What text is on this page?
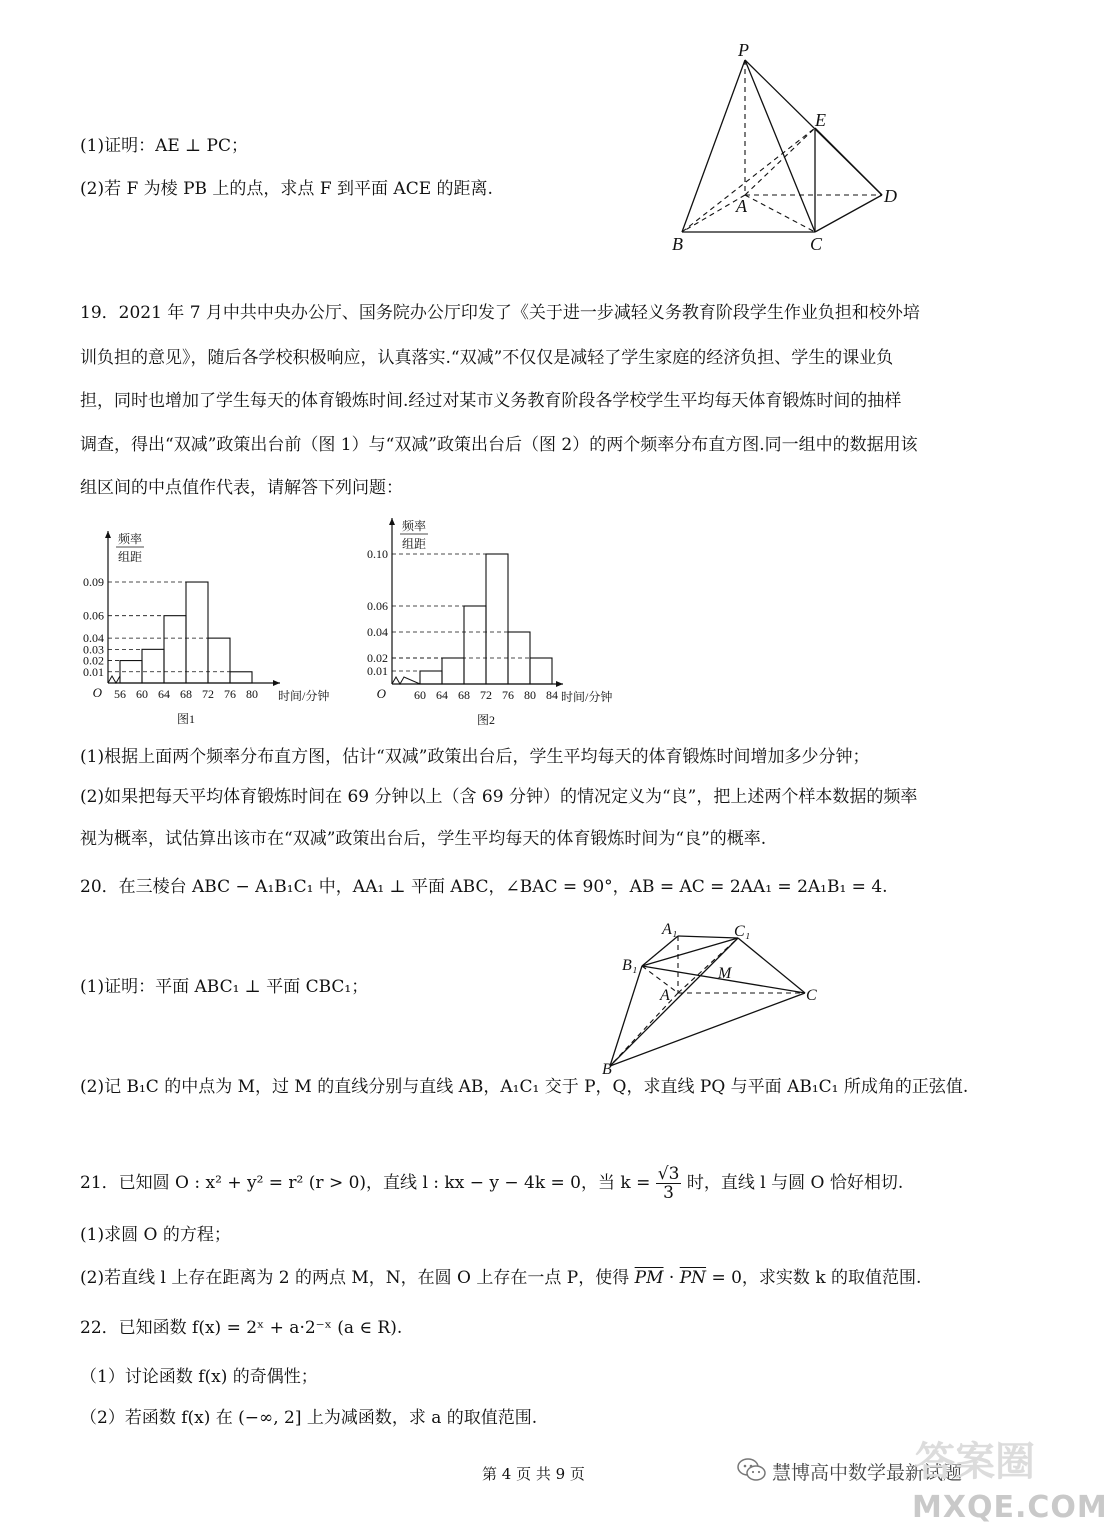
(1)证明：AE ⊥ PC；
(2)若 F 为棱 PB 上的点，求点 F 到平面 ACE 的距离.
P
E
A	D
B	C
19．2021 年 7 月中共中央办公厅、国务院办公厅印发了《关于进一步减轻义务教育阶段学生作业负担和校外培
训负担的意见》，随后各学校积极响应，认真落实.“双减”不仅仅是减轻了学生家庭的经济负担、学生的课业负
担，同时也增加了学生每天的体育锻炼时间.经过对某市义务教育阶段各学校学生平均每天体育锻炼时间的抽样
调查，得出“双减”政策出台前（图 1）与“双减”政策出台后（图 2）的两个频率分布直方图.同一组中的数据用该
组区间的中点值作代表，请解答下列问题：
0.01
0.02
0.03
0.04
0.06
0.09
56 60 64 68 72 76 80
O
频率
组距
时间/分钟
图1
0.01
0.02
0.04
0.06
0.10
60 64 68 72 76 80 84
O
频率
组距
时间/分钟
图2
(1)根据上面两个频率分布直方图，估计“双减”政策出台后，学生平均每天的体育锻炼时间增加多少分钟；
(2)如果把每天平均体育锻炼时间在 69 分钟以上（含 69 分钟）的情况定义为“良”，把上述两个样本数据的频率
视为概率，试估算出该市在“双减”政策出台后，学生平均每天的体育锻炼时间为“良”的概率.
20．在三棱台 ABC − A₁B₁C₁ 中，AA₁ ⊥ 平面 ABC，∠BAC = 90°，AB = AC = 2AA₁ = 2A₁B₁ = 4.
(1)证明：平面 ABC₁ ⊥ 平面 CBC₁；
(2)记 B₁C 的中点为 M，过 M 的直线分别与直线 AB，A₁C₁ 交于 P，Q，求直线 PQ 与平面 AB₁C₁ 所成角的正弦值.
A₁	C₁
B₁	M
A	C
B
21．已知圆 O : x² + y² = r² (r > 0)，直线 l : kx − y − 4k = 0，当 $k = \frac{√3}{3}$ 时，直线 l 与圆 O 恰好相切.
(1)求圆 O 的方程；
(2)若直线 l 上存在距离为 2 的两点 M，N，在圆 O 上存在一点 P，使得 $\overline{PM} \cdot \overline{PN} = 0$，求实数 k 的取值范围.
22．已知函数 f(x) = 2ˣ + a·2⁻ˣ (a ∈ R).
（1）讨论函数 f(x) 的奇偶性；
（2）若函数 f(x) 在 (−∞, 2] 上为减函数，求 a 的取值范围.
第 4 页 共 9 页	慧博高中数学最新试题
MXQE.COM
答案圈
